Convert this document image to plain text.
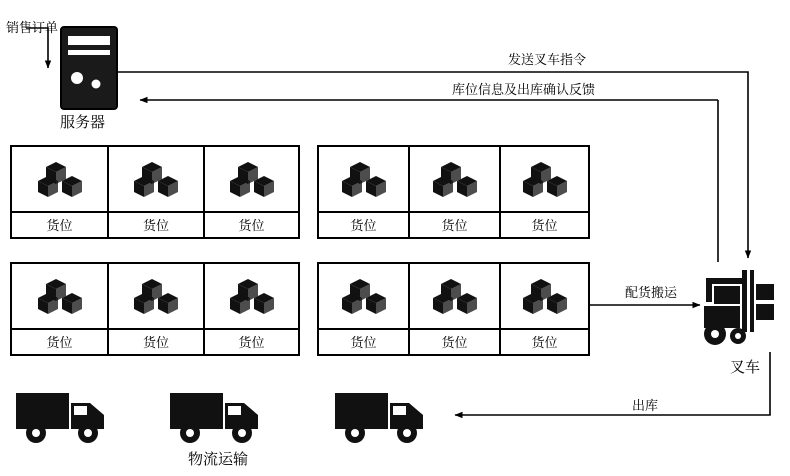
销售订单
服务器
发送叉车指令
库位信息及出库确认反馈
配货搬运
出库
叉车
物流运输
货位	货位	货位	货位	货位	货位
货位	货位	货位	货位	货位	货位
